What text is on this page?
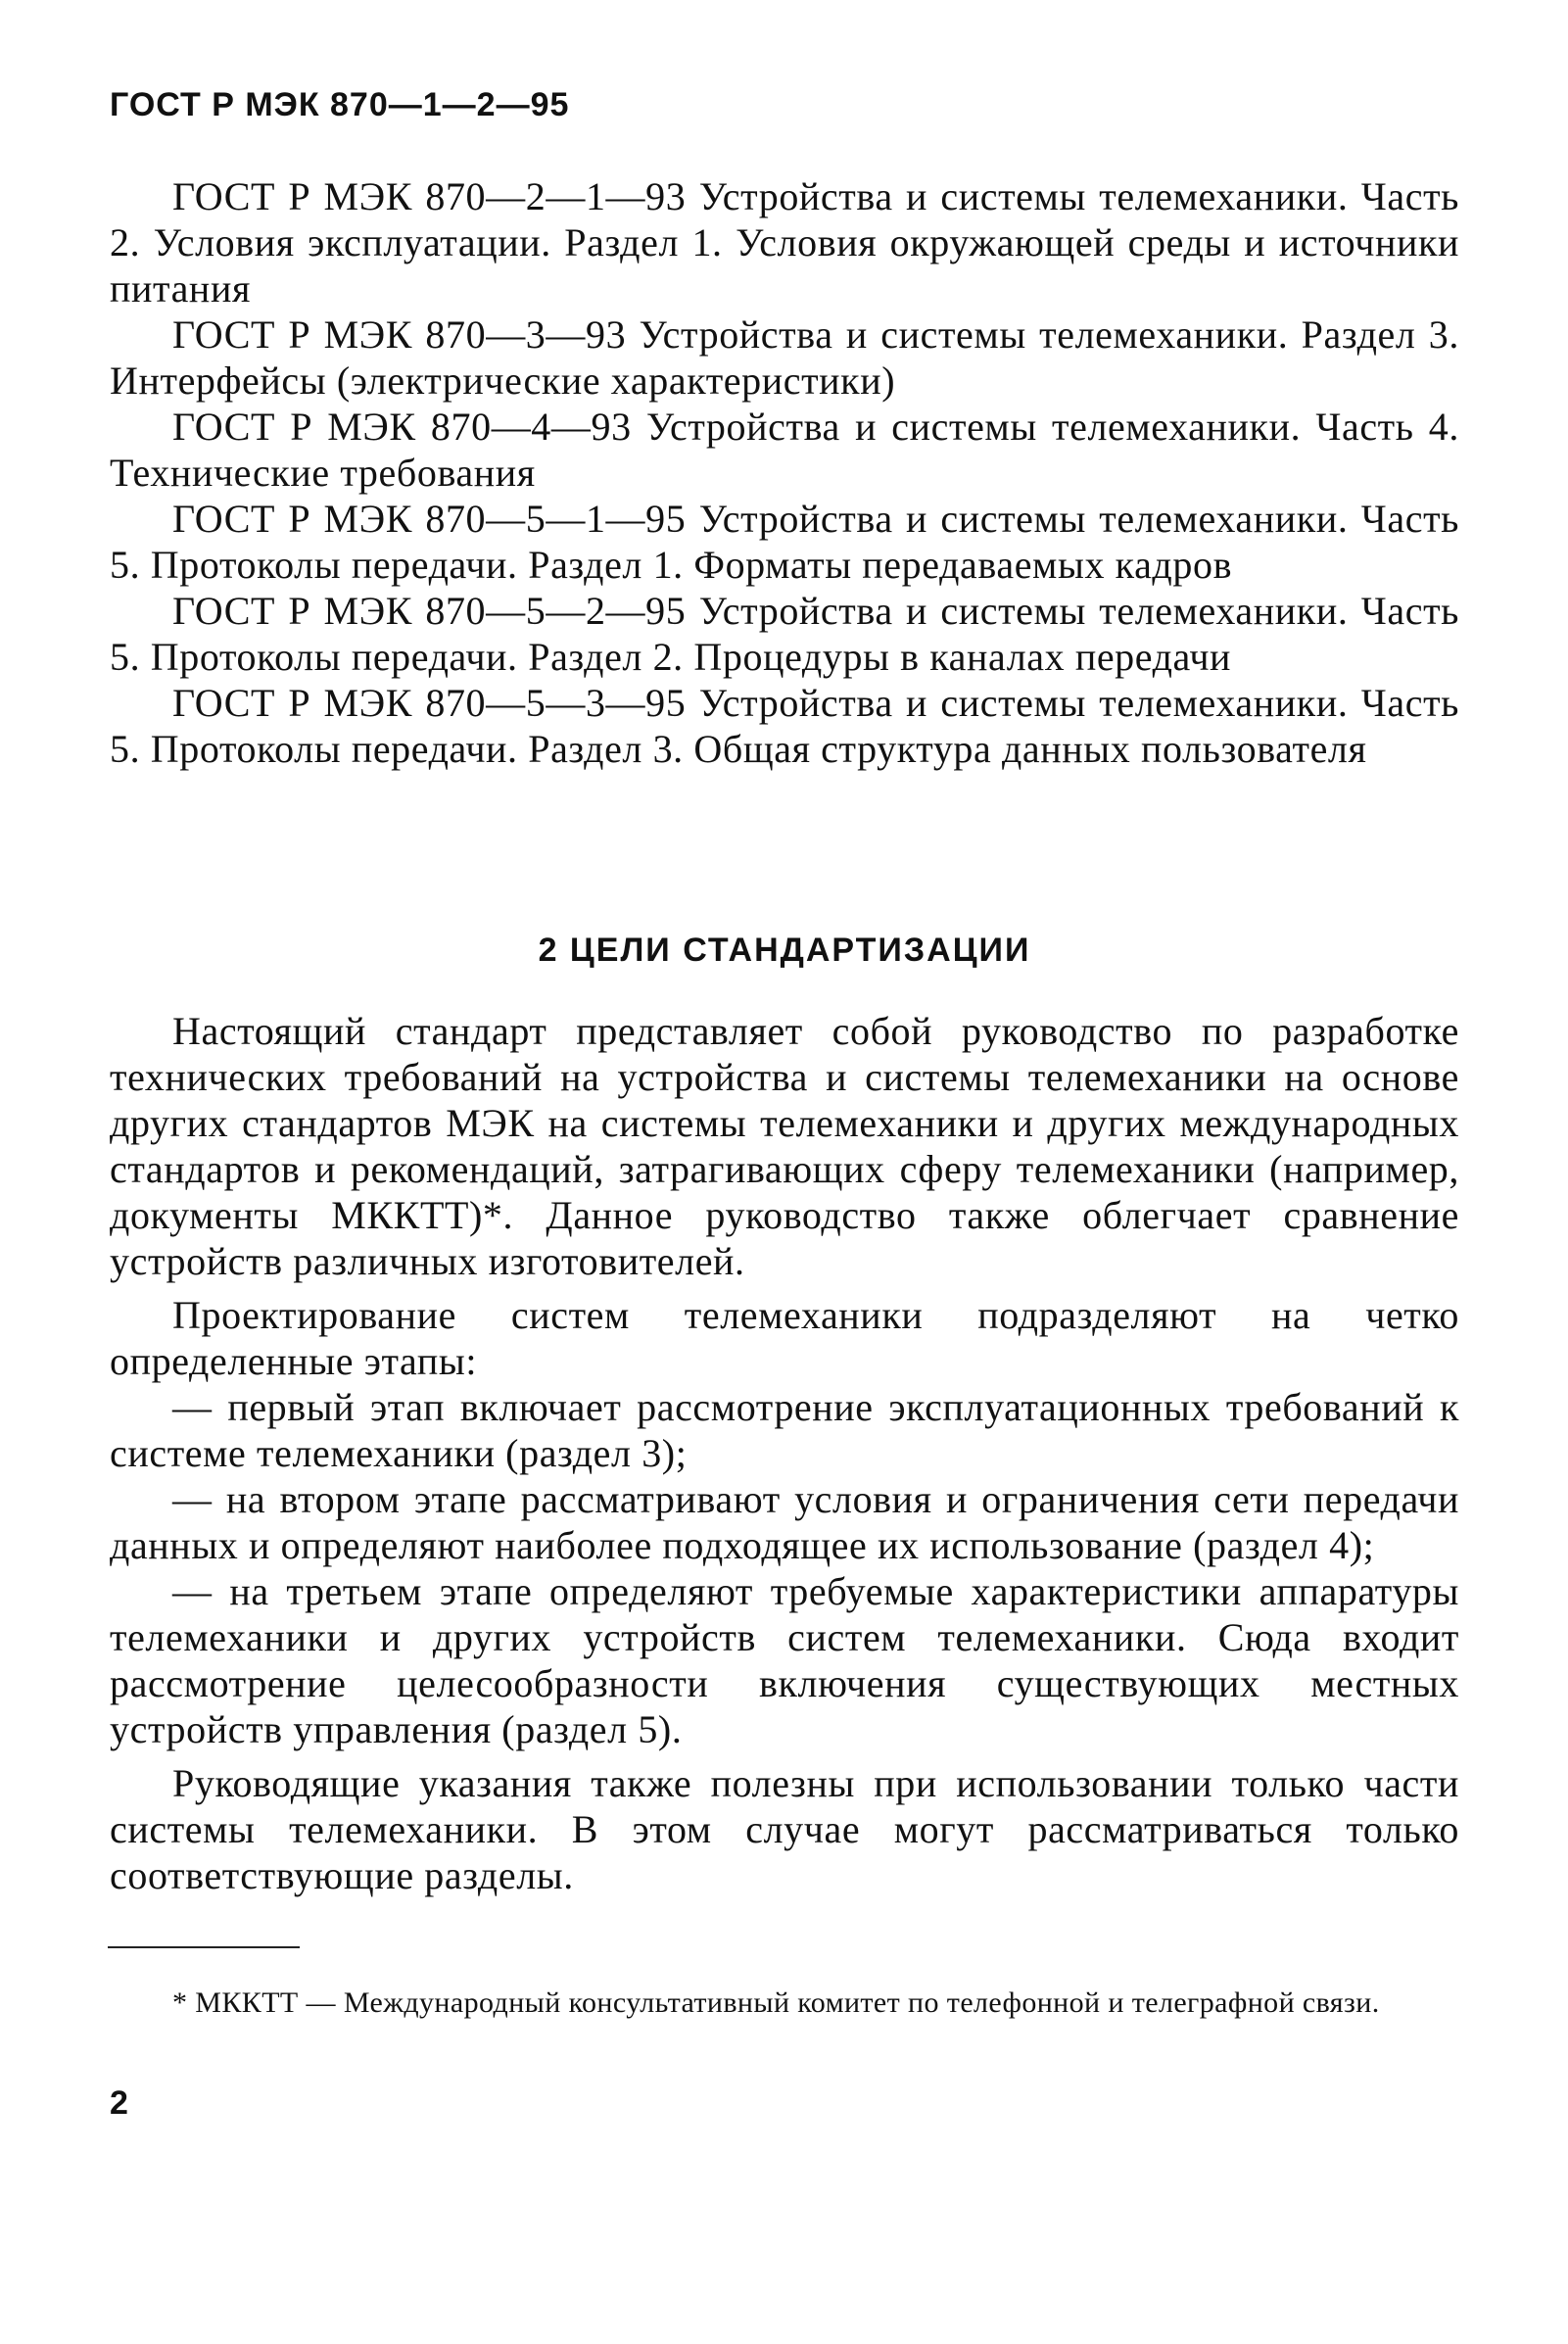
ГОСТ Р МЭК 870—1—2—95

ГОСТ Р МЭК 870—2—1—93 Устройства и системы телемеханики. Часть 2. Условия эксплуатации. Раздел 1. Условия окружающей среды и источники питания

ГОСТ Р МЭК 870—3—93 Устройства и системы телемеханики. Раздел 3. Интерфейсы (электрические характеристики)

ГОСТ Р МЭК 870—4—93 Устройства и системы телемеханики. Часть 4. Технические требования

ГОСТ Р МЭК 870—5—1—95 Устройства и системы телемеханики. Часть 5. Протоколы передачи. Раздел 1. Форматы передаваемых кадров

ГОСТ Р МЭК 870—5—2—95 Устройства и системы телемеханики. Часть 5. Протоколы передачи. Раздел 2. Процедуры в каналах передачи

ГОСТ Р МЭК 870—5—3—95 Устройства и системы телемеханики. Часть 5. Протоколы передачи. Раздел 3. Общая структура данных пользователя

2 ЦЕЛИ СТАНДАРТИЗАЦИИ

Настоящий стандарт представляет собой руководство по разработке технических требований на устройства и системы телемеханики на основе других стандартов МЭК на системы телемеханики и других международных стандартов и рекомендаций, затрагивающих сферу телемеханики (например, документы МККТТ)*. Данное руководство также облегчает сравнение устройств различных изготовителей.

Проектирование систем телемеханики подразделяют на четко определенные этапы:

— первый этап включает рассмотрение эксплуатационных требований к системе телемеханики (раздел 3);

— на втором этапе рассматривают условия и ограничения сети передачи данных и определяют наиболее подходящее их использование (раздел 4);

— на третьем этапе определяют требуемые характеристики аппаратуры телемеханики и других устройств систем телемеханики. Сюда входит рассмотрение целесообразности включения существующих местных устройств управления (раздел 5).

Руководящие указания также полезны при использовании только части системы телемеханики. В этом случае могут рассматриваться только соответствующие разделы.

* МККТТ — Международный консультативный комитет по телефонной и телеграфной связи.
2
